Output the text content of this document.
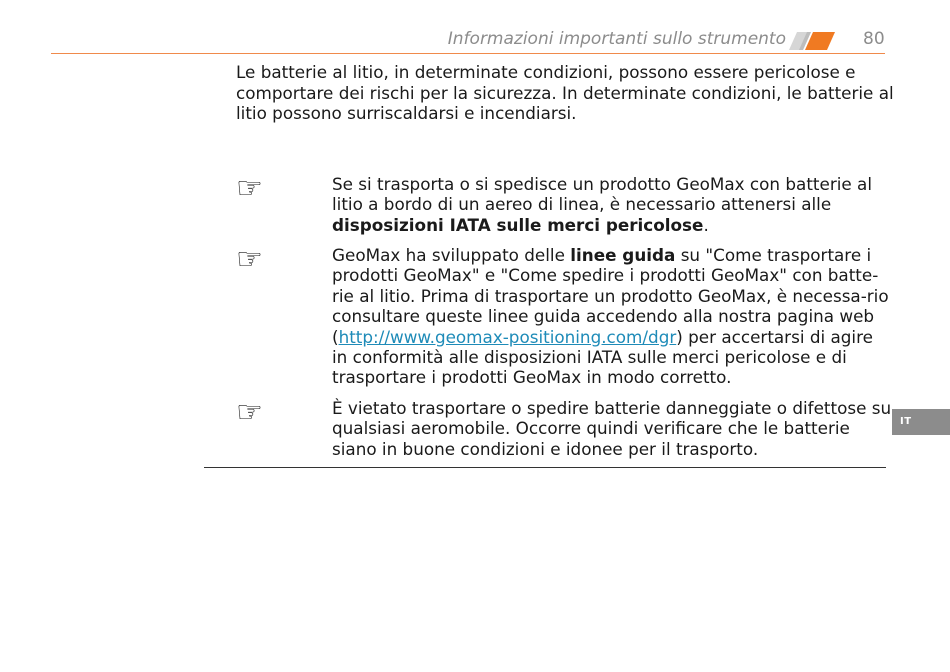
Informazioni importanti sullo strumento	80

Le batterie al litio, in determinate condizioni, possono essere pericolose e comportare dei rischi per la sicurezza. In determinate condizioni, le batterie al litio possono surriscaldarsi e incendiarsi.

☞	Se si trasporta o si spedisce un prodotto GeoMax con batterie al litio a bordo di un aereo di linea, è necessario attenersi alle disposizioni IATA sulle merci pericolose.

☞	GeoMax ha sviluppato delle linee guida su "Come trasportare i prodotti GeoMax" e "Come spedire i prodotti GeoMax" con batte-rie al litio. Prima di trasportare un prodotto GeoMax, è necessa-rio consultare queste linee guida accedendo alla nostra pagina web (http://www.geomax-positioning.com/dgr) per accertarsi di agire in conformità alle disposizioni IATA sulle merci pericolose e di trasportare i prodotti GeoMax in modo corretto.

☞	È vietato trasportare o spedire batterie danneggiate o difettose su qualsiasi aeromobile. Occorre quindi verificare che le batterie siano in buone condizioni e idonee per il trasporto.

IT
